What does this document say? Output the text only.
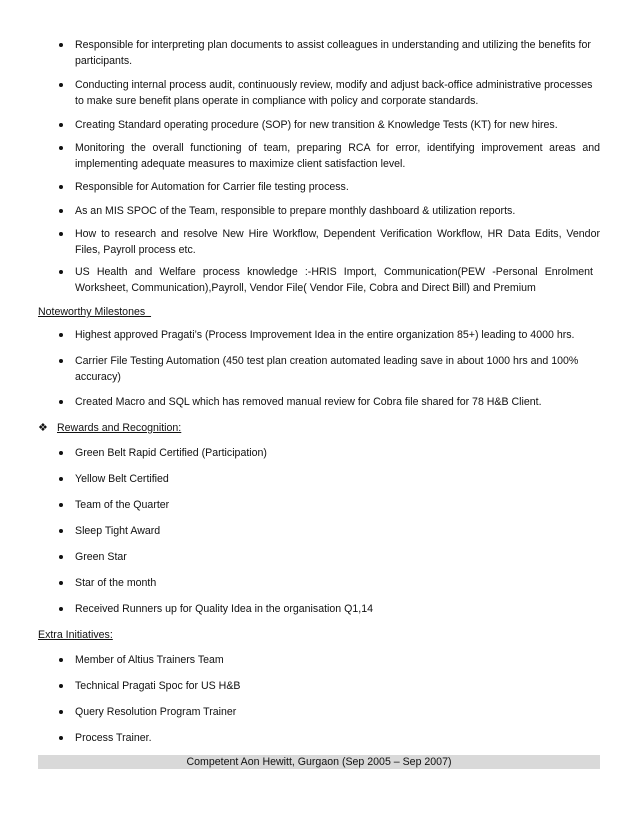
Responsible for interpreting plan documents to assist colleagues in understanding and utilizing the benefits for participants.
Conducting internal process audit, continuously review, modify and adjust back-office administrative processes to make sure benefit plans operate in compliance with policy and corporate standards.
Creating Standard operating procedure (SOP) for new transition & Knowledge Tests (KT) for new hires.
Monitoring the overall functioning of team, preparing RCA for error, identifying improvement areas and implementing adequate measures to maximize client satisfaction level.
Responsible for Automation for Carrier file testing process.
As an MIS SPOC of the Team, responsible to prepare monthly dashboard & utilization reports.
How to research and resolve New Hire Workflow, Dependent Verification Workflow, HR Data Edits, Vendor Files, Payroll process etc.
US Health and Welfare process knowledge :-HRIS Import, Communication(PEW -Personal Enrolment Worksheet, Communication),Payroll, Vendor File( Vendor File, Cobra and Direct Bill) and Premium
Noteworthy Milestones
Highest approved Pragati’s (Process Improvement Idea in the entire organization 85+) leading to 4000 hrs.
Carrier File Testing Automation (450 test plan creation automated leading save in about 1000 hrs and 100% accuracy)
Created Macro and SQL which has removed manual review for Cobra file shared for 78 H&B Client.
❖ Rewards and Recognition:
Green Belt Rapid Certified (Participation)
Yellow Belt Certified
Team of the Quarter
Sleep Tight Award
Green Star
Star of the month
Received Runners up for Quality Idea in the organisation Q1,14
Extra Initiatives:
Member of Altius Trainers Team
Technical Pragati Spoc for US H&B
Query Resolution Program Trainer
Process Trainer.
Competent Aon Hewitt, Gurgaon (Sep 2005 – Sep 2007)
